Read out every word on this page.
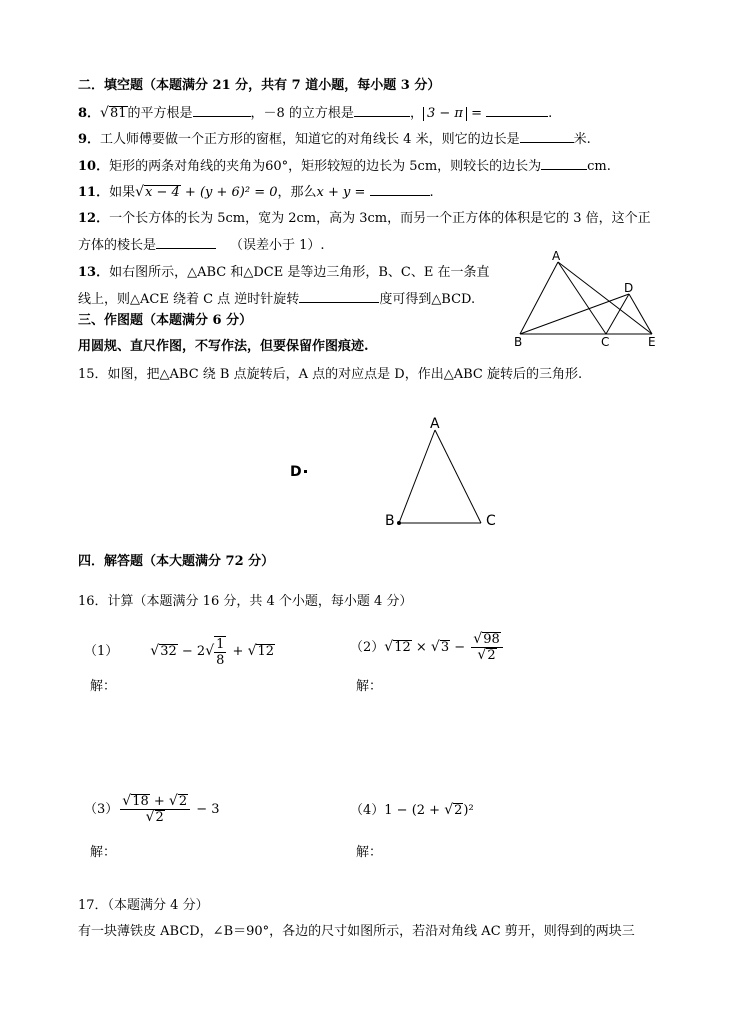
二．填空题（本题满分 21 分，共有 7 道小题，每小题 3 分）
8．√81的平方根是	，－8 的立方根是	， 3 − π =	.
9．工人师傅要做一个正方形的窗框，知道它的对角线长 4 米，则它的边长是	米.
10．矩形的两条对角线的夹角为60°，矩形较短的边长为 5cm，则较长的边长为	cm.
11．如果√x − 4 + (y + 6)² = 0，那么x + y =	.
12．一个长方体的长为 5cm，宽为 2cm，高为 3cm，而另一个正方体的体积是它的 3 倍，这个正
方体的棱长是	（误差小于 1）.
13．如右图所示，△ABC 和△DCE 是等边三角形，B、C、E 在一条直
线上，则△ACE 绕着 C 点 逆时针旋转	度可得到△BCD.
A
B	C
D
E
三、作图题（本题满分 6 分）
用圆规、直尺作图，不写作法，但要保留作图痕迹.
15．如图，把△ABC 绕 B 点旋转后，A 点的对应点是 D，作出△ABC 旋转后的三角形.
A
B	C
D
四．解答题（本大题满分 72 分）
16．计算（本题满分 16 分，共 4 个小题，每小题 4 分）
（1） $√32 - 2√ \frac{1}{8} + √12$
解：
$(2)√12 \times √3 - \frac{√98}{√2}$
解：
$(3) \frac{√18 + √2}{√2} - 3$
解：
（4）1 − (2 + √2)²
解：
17．（本题满分 4 分）
有一块薄铁皮 ABCD，∠B＝90°，各边的尺寸如图所示，若沿对角线 AC 剪开，则得到的两块三
